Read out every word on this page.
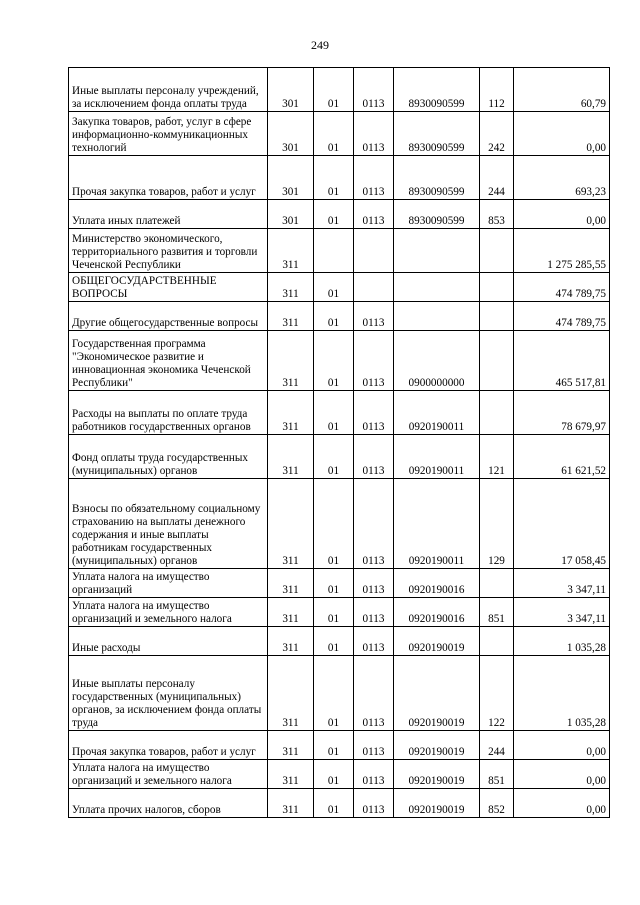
249
Иные выплаты персоналу учреждений, за исключением фонда оплаты труда	301	01	0113	8930090599	112	60,79
Закупка товаров, работ, услуг в сфере информационно-коммуникационных технологий	301	01	0113	8930090599	242	0,00
Прочая закупка товаров, работ и услуг	301	01	0113	8930090599	244	693,23
Уплата иных платежей	301	01	0113	8930090599	853	0,00
Министерство экономического, территориального развития и торговли Чеченской Республики	311					1 275 285,55
ОБЩЕГОСУДАРСТВЕННЫЕ ВОПРОСЫ	311	01				474 789,75
Другие общегосударственные вопросы	311	01	0113			474 789,75
Государственная программа "Экономическое развитие и инновационная экономика Чеченской Республики"	311	01	0113	0900000000		465 517,81
Расходы на выплаты по оплате труда работников государственных органов	311	01	0113	0920190011		78 679,97
Фонд оплаты труда государственных (муниципальных) органов	311	01	0113	0920190011	121	61 621,52
Взносы по обязательному социальному страхованию на выплаты денежного содержания и иные выплаты работникам государственных (муниципальных) органов	311	01	0113	0920190011	129	17 058,45
Уплата налога на имущество организаций	311	01	0113	0920190016		3 347,11
Уплата налога на имущество организаций и земельного налога	311	01	0113	0920190016	851	3 347,11
Иные расходы	311	01	0113	0920190019		1 035,28
Иные выплаты персоналу государственных (муниципальных) органов, за исключением фонда оплаты труда	311	01	0113	0920190019	122	1 035,28
Прочая закупка товаров, работ и услуг	311	01	0113	0920190019	244	0,00
Уплата налога на имущество организаций и земельного налога	311	01	0113	0920190019	851	0,00
Уплата прочих налогов, сборов	311	01	0113	0920190019	852	0,00
